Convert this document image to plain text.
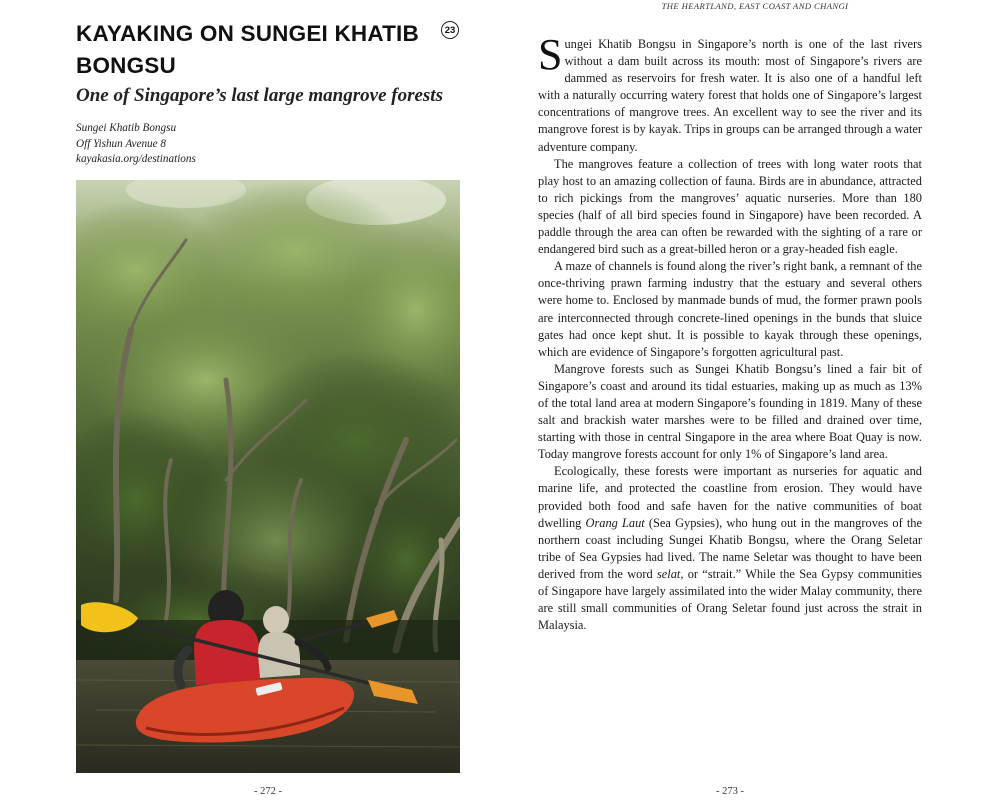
KAYAKING ON SUNGEI KHATIB BONGSU
23
One of Singapore’s last large mangrove forests
Sungei Khatib Bongsu
Off Yishun Avenue 8
kayakasia.org/destinations
- 272 -
THE HEARTLAND, EAST COAST AND CHANGI

Sungei Khatib Bongsu in Singapore’s north is one of the last rivers without a dam built across its mouth: most of Singapore’s rivers are dammed as reservoirs for fresh water. It is also one of a handful left with a naturally occurring watery forest that holds one of Singapore’s largest concentrations of mangrove trees. An excellent way to see the river and its mangrove forest is by kayak. Trips in groups can be arranged through a water adventure company.

The mangroves feature a collection of trees with long water roots that play host to an amazing collection of fauna. Birds are in abundance, attracted to rich pickings from the mangroves’ aquatic nurseries. More than 180 species (half of all bird species found in Singapore) have been recorded. A paddle through the area can often be rewarded with the sighting of a rare or endangered bird such as a great-billed heron or a gray-headed fish eagle.

A maze of channels is found along the river’s right bank, a remnant of the once-thriving prawn farming industry that the estuary and several others were home to. Enclosed by manmade bunds of mud, the former prawn pools are interconnected through concrete-lined openings in the bunds that sluice gates had once kept shut. It is possible to kayak through these openings, which are evidence of Singapore’s forgotten agricultural past.

Mangrove forests such as Sungei Khatib Bongsu’s lined a fair bit of Singapore’s coast and around its tidal estuaries, making up as much as 13% of the total land area at modern Singapore’s founding in 1819. Many of these salt and brackish water marshes were to be filled and drained over time, starting with those in central Singapore in the area where Boat Quay is now. Today mangrove forests account for only 1% of Singapore’s land area.

Ecologically, these forests were important as nurseries for aquatic and marine life, and protected the coastline from erosion. They would have provided both food and safe haven for the native communities of boat dwelling Orang Laut (Sea Gypsies), who hung out in the mangroves of the northern coast including Sungei Khatib Bongsu, where the Orang Seletar tribe of Sea Gypsies had lived. The name Seletar was thought to have been derived from the word selat, or “strait.” While the Sea Gypsy communities of Singapore have largely assimilated into the wider Malay community, there are still small communities of Orang Seletar found just across the strait in Malaysia.

- 273 -
